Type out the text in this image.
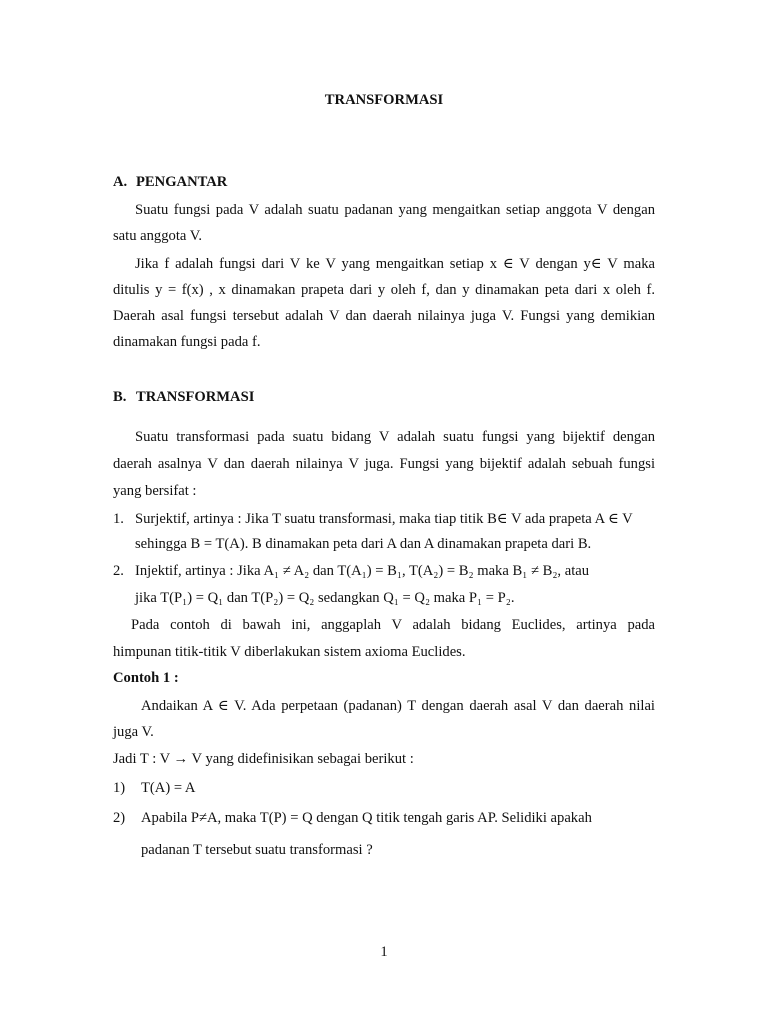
TRANSFORMASI
A. PENGANTAR
Suatu fungsi pada V adalah suatu padanan yang mengaitkan setiap anggota V dengan
satu anggota V.
Jika f adalah fungsi dari V ke V yang mengaitkan setiap x ∈ V dengan y∈ V maka
ditulis y = f(x) , x dinamakan prapeta dari y oleh f, dan y dinamakan peta dari x oleh f.
Daerah asal fungsi tersebut adalah V dan daerah nilainya juga V. Fungsi yang demikian
dinamakan fungsi pada f.
B. TRANSFORMASI
Suatu transformasi pada suatu bidang V adalah suatu fungsi yang bijektif dengan
daerah asalnya V dan daerah nilainya V juga. Fungsi yang bijektif adalah sebuah fungsi
yang bersifat :
1. Surjektif, artinya : Jika T suatu transformasi, maka tiap titik B∈ V ada prapeta A ∈ V
sehingga B = T(A). B dinamakan peta dari A dan A dinamakan prapeta dari B.
2. Injektif, artinya : Jika A₁ ≠ A₂ dan T(A₁) = B₁, T(A₂) = B₂ maka B₁ ≠ B₂, atau
jika T(P₁) = Q₁ dan T(P₂) = Q₂ sedangkan Q₁ = Q₂ maka P₁ = P₂.
Pada contoh di bawah ini, anggaplah V adalah bidang Euclides, artinya pada
himpunan titik-titik V diberlakukan sistem axioma Euclides.
Contoh 1 :
Andaikan A ∈ V. Ada perpetaan (padanan) T dengan daerah asal V dan daerah nilai
juga V.
Jadi T : V → V yang didefinisikan sebagai berikut :
1) T(A) = A
2) Apabila P≠A, maka T(P) = Q dengan Q titik tengah garis AP. Selidiki apakah
padanan T tersebut suatu transformasi ?
1
